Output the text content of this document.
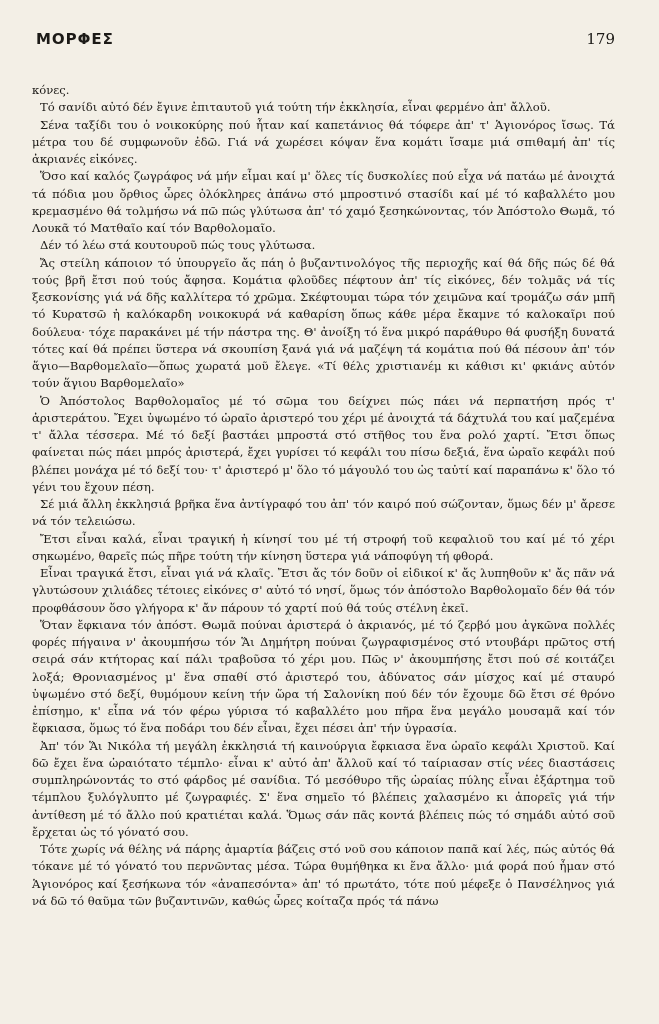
ΜΟΡΦΕΣ	179

κόνες.

Τό σανίδι αὐτό δέν ἔγινε ἐπιταυτοῦ γιά τούτη τήν ἐκκλησία, εἶναι φερμένο ἀπ' ἄλλοῦ.

Σένα ταξίδι του ὁ νοικοκύρης πού ἦταν καί καπετάνιος θά τόφερε ἀπ' τ' Ἁγιονόρος ἴσως. Τά μέτρα του δέ συμφωνοῦν ἐδῶ. Γιά νά χωρέσει κόψαν ἕνα κομάτι ἴσαμε μιά σπιθαμή ἀπ' τίς ἀκριανές εἰκόνες.

Ὅσο καί καλός ζωγράφος νά μήν εἶμαι καί μ' ὅλες τίς δυσκολίες πού εἶχα νά πατάω μέ ἀνοιχτά τά πόδια μου ὄρθιος ὧρες ὁλόκληρες ἀπάνω στό μπροστινό στασίδι καί μέ τό καβαλλέτο μου κρεμασμένο θά τολμήσω νά πῶ πώς γλύτωσα ἀπ' τό χαμό ξεσηκώνοντας, τόν Ἀπόστολο Θωμᾶ, τό Λουκᾶ τό Ματθαῖο καί τόν Βαρθολομαῖο.

Δέν τό λέω στά κουτουροῦ πώς τους γλύτωσα.

Ἄς στείλη κάποιον τό ὑπουργεῖο ἄς πάη ὁ βυζαντινολόγος τῆς περιοχῆς καί θά δῆς πώς δέ θά τούς βρῆ ἔτσι πού τούς ἄφησα. Κομάτια φλοῦδες πέφτουν ἀπ' τίς εἰκόνες, δέν τολμᾶς νά τίς ξεσκονίσης γιά νά δῆς καλλίτερα τό χρῶμα. Σκέφτουμαι τώρα τόν χειμῶνα καί τρομάζω σάν μπῆ τό Κυρατσῶ ἡ καλόκαρδη νοικοκυρά νά καθαρίση ὅπως κάθε μέρα ἔκαμνε τό καλοκαῖρι πού δούλευα· τόχε παρακάνει μέ τήν πάστρα της. Θ' ἀνοίξη τό ἕνα μικρό παράθυρο θά φυσήξη δυνατά τότες καί θά πρέπει ὕστερα νά σκουπίση ξανά γιά νά μαζέψη τά κομάτια πού θά πέσουν ἀπ' τόν ἅγιο—Βαρθομελαῖο—ὅπως χωρατά μοῦ ἔλεγε. «Τί θέλς χριστιανέμ κι κάθισι κι' φκιάνς αὐτόν τούν ἅγιου Βαρθομελαῖο»

Ὁ Ἀπόστολος Βαρθολομαῖος μέ τό σῶμα του δείχνει πώς πάει νά περπατήση πρός τ' ἀριστεράτου. Ἔχει ὑψωμένο τό ὡραῖο ἀριστερό του χέρι μέ ἀνοιχτά τά δάχτυλά του καί μαζεμένα τ' ἄλλα τέσσερα. Μέ τό δεξί βαστάει μπροστά στό στῆθος του ἕνα ρολό χαρτί. Ἔτσι ὅπως φαίνεται πώς πάει μπρός ἀριστερά, ἔχει γυρίσει τό κεφάλι του πίσω δεξιά, ἕνα ὡραῖο κεφάλι πού βλέπει μονάχα μέ τό δεξί του· τ' ἀριστερό μ' ὅλο τό μάγουλό του ὡς ταὐτί καί παραπάνω κ' ὅλο τό γένι του ἔχουν πέση.

Σέ μιά ἄλλη ἐκκλησιά βρῆκα ἕνα ἀντίγραφό του ἀπ' τόν καιρό πού σώζονταν, ὅμως δέν μ' ἄρεσε νά τόν τελειώσω.

Ἔτσι εἶναι καλά, εἶναι τραγική ἡ κίνησί του μέ τή στροφή τοῦ κεφαλιοῦ του καί μέ τό χέρι σηκωμένο, θαρεῖς πώς πῆρε τούτη τήν κίνηση ὕστερα γιά νάποφύγη τή φθορά.

Εἶναι τραγικά ἔτσι, εἶναι γιά νά κλαῖς. Ἔτσι ἄς τόν δοῦν οἱ εἰδικοί κ' ἄς λυπηθοῦν κ' ἄς πᾶν νά γλυτώσουν χιλιάδες τέτοιες εἰκόνες σ' αὐτό τό νησί, ὅμως τόν ἀπόστολο Βαρθολομαῖο δέν θά τόν προφθάσουν ὅσο γλήγορα κ' ἄν πάρουν τό χαρτί πού θά τούς στέλνη ἐκεῖ.

Ὅταν ἔφκιανα τόν ἀπόστ. Θωμᾶ πούναι ἀριστερά ὁ ἀκριανός, μέ τό ζερβό μου ἀγκῶνα πολλές φορές πήγαινα ν' ἀκουμπήσω τόν Ἅι Δημήτρη πούναι ζωγραφισμένος στό ντουβάρι πρῶτος στή σειρά σάν κτήτορας καί πάλι τραβοῦσα τό χέρι μου. Πῶς ν' ἀκουμπήσης ἔτσι πού σέ κοιτάζει λοξά; Θρονιασμένος μ' ἕνα σπαθί στό ἀριστερό του, ἀδύνατος σάν μίσχος καί μέ σταυρό ὑψωμένο στό δεξί, θυμόμουν κείνη τήν ὥρα τή Σαλονίκη πού δέν τόν ἔχουμε δῶ ἔτσι σέ θρόνο ἐπίσημο, κ' εἶπα νά τόν φέρω γύρισα τό καβαλλέτο μου πῆρα ἕνα μεγάλο μουσαμᾶ καί τόν ἔφκιασα, ὅμως τό ἕνα ποδάρι του δέν εἶναι, ἔχει πέσει ἀπ' τήν ὑγρασία.

Ἀπ' τόν Ἅι Νικόλα τή μεγάλη ἐκκλησιά τή καινούργια ἔφκιασα ἕνα ὡραῖο κεφάλι Χριστοῦ. Καί δῶ ἔχει ἕνα ὡραιότατο τέμπλο· εἶναι κ' αὐτό ἀπ' ἄλλοῦ καί τό ταίριασαν στίς νέες διαστάσεις συμπληρώνοντάς το στό φάρδος μέ σανίδια. Τό μεσόθυρο τῆς ὡραίας πύλης εἶναι ἐξάρτημα τοῦ τέμπλου ξυλόγλυπτο μέ ζωγραφιές. Σ' ἕνα σημεῖο τό βλέπεις χαλασμένο κι ἀπορεῖς γιά τήν ἀντίθεση μέ τό ἄλλο πού κρατιέται καλά. Ὅμως σάν πᾶς κοντά βλέπεις πώς τό σημάδι αὐτό σοῦ ἔρχεται ὡς τό γόνατό σου.

Τότε χωρίς νά θέλης νά πάρης ἁμαρτία βάζεις στό νοῦ σου κάποιον παπᾶ καί λές, πώς αὐτός θά τόκανε μέ τό γόνατό του περνῶντας μέσα. Τώρα θυμήθηκα κι ἕνα ἄλλο· μιά φορά πού ἦμαν στό Ἁγιονόρος καί ξεσήκωνα τόν «ἀναπεσόντα» ἀπ' τό πρωτάτο, τότε πού μέφεξε ὁ Πανσέληνος γιά νά δῶ τό θαῦμα τῶν βυζαντινῶν, καθώς ὧρες κοίταζα πρός τά πάνω
